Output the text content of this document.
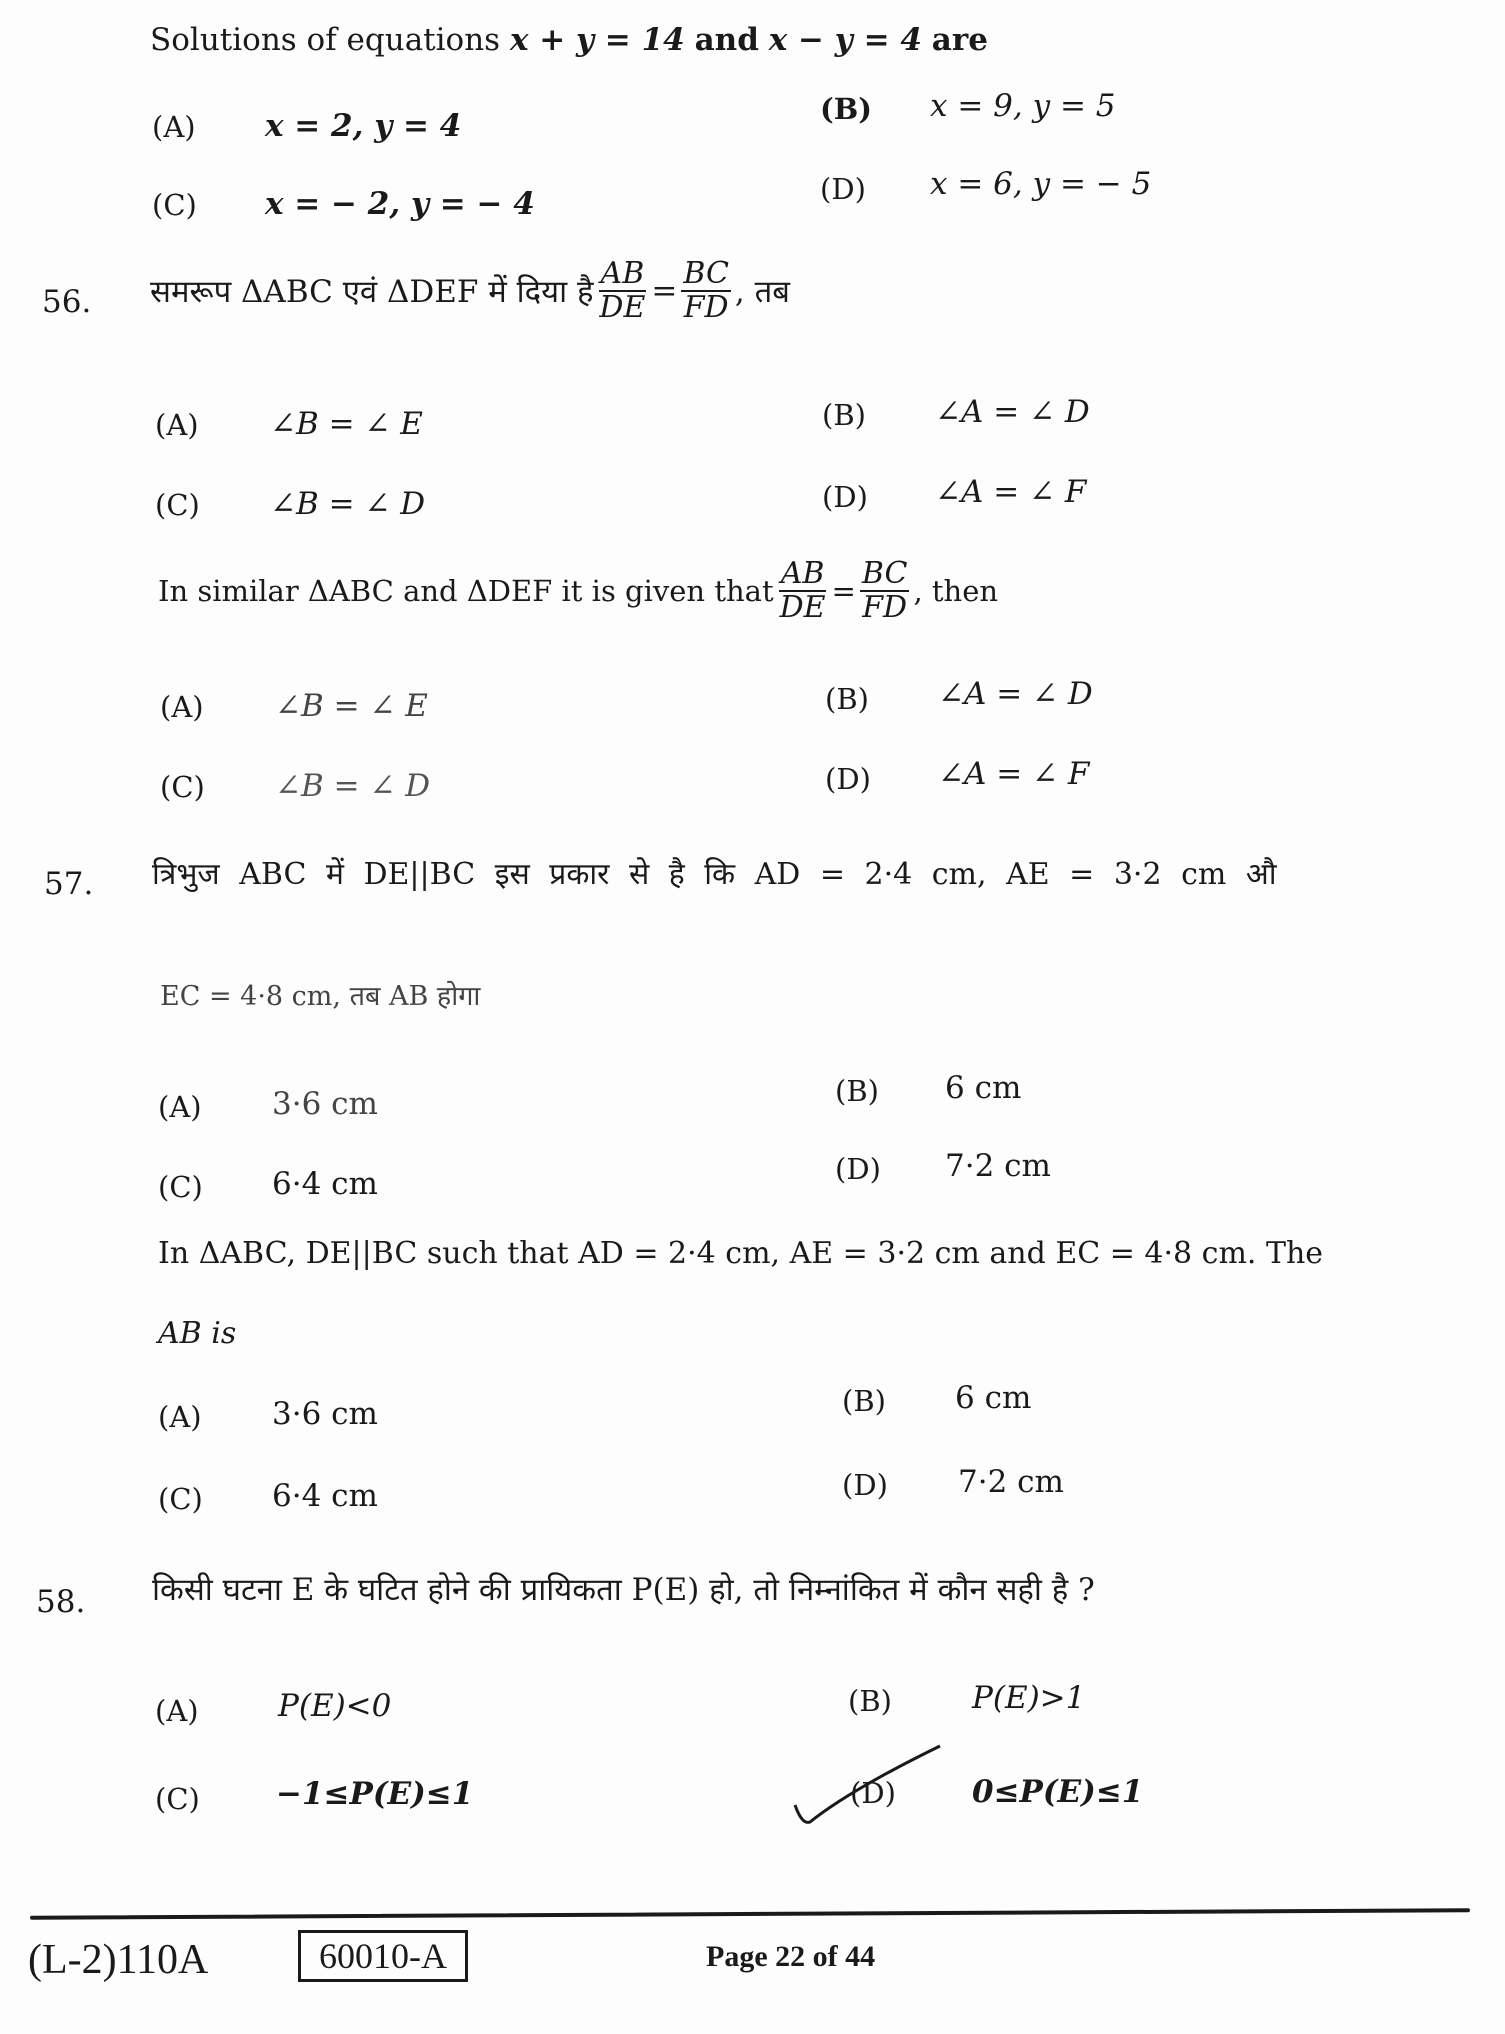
Solutions of equations x + y = 14 and x − y = 4 are
(A) x = 2, y = 4	(B) x = 9, y = 5
(C) x = − 2, y = − 4	(D) x = 6, y = − 5
56. समरूप ΔABC एवं ΔDEF में दिया है $\frac{AB}{DE} = \frac{BC}{FD}$ , तब
(A) ∠B = ∠ E	(B) ∠A = ∠ D
(C) ∠B = ∠ D	(D) ∠A = ∠ F
In similar ΔABC and ΔDEF it is given that $\frac{AB}{DE} = \frac{BC}{FD}$ , then
(A) ∠B = ∠ E	(B) ∠A = ∠ D
(C) ∠B = ∠ D	(D) ∠A = ∠ F
57. त्रिभुज ABC में DE||BC इस प्रकार से है कि AD = 2·4 cm, AE = 3·2 cm औ
EC = 4·8 cm, तब AB होगा
(A) 3·6 cm	(B) 6 cm
(C) 6·4 cm	(D) 7·2 cm
In ΔABC, DE||BC such that AD = 2·4 cm, AE = 3·2 cm and EC = 4·8 cm. The
AB is
(A) 3·6 cm	(B) 6 cm
(C) 6·4 cm	(D) 7·2 cm
58. किसी घटना E के घटित होने की प्रायिकता P(E) हो, तो निम्नांकित में कौन सही है ?
(A)	P(E)<0	(B)	P(E)>1
(C) −1≤P(E)≤1	(D) 0≤P(E)≤1
(L-2)110A	60010-A	Page 22 of 44
